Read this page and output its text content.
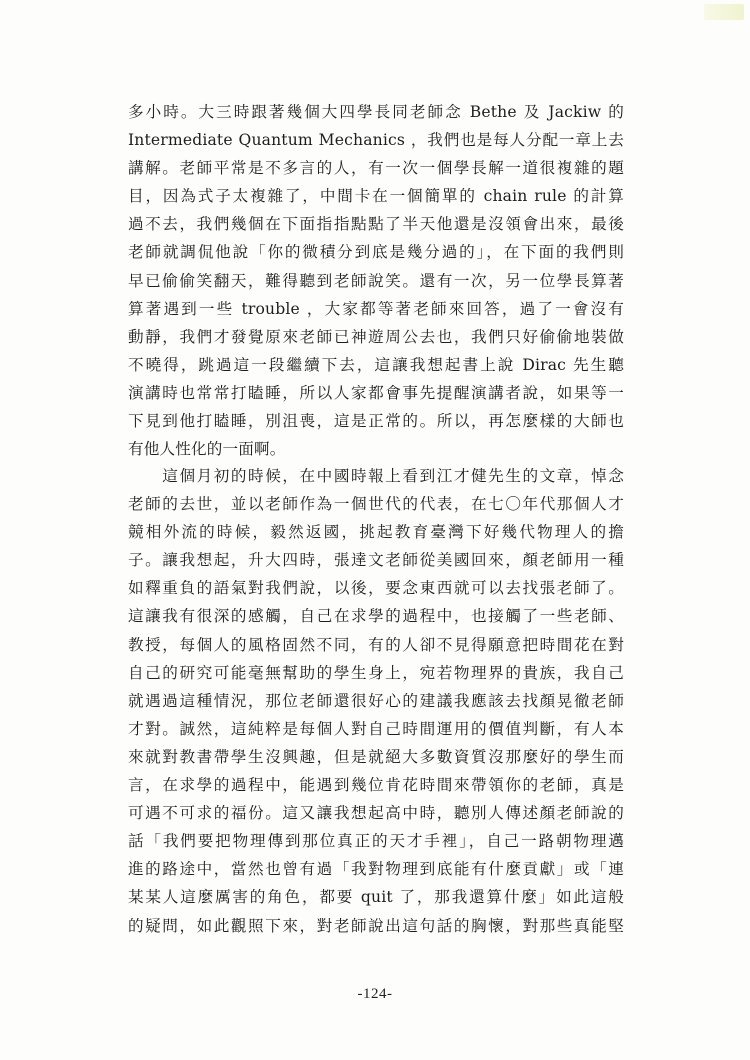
多小時。大三時跟著幾個大四學長同老師念 Bethe 及 Jackiw 的
Intermediate Quantum Mechanics ，我們也是每人分配一章上去
講解。老師平常是不多言的人，有一次一個學長解一道很複雜的題
目，因為式子太複雜了，中間卡在一個簡單的 chain rule 的計算
過不去，我們幾個在下面指指點點了半天他還是沒領會出來，最後
老師就調侃他說「你的微積分到底是幾分過的」，在下面的我們則
早已偷偷笑翻天，難得聽到老師說笑。還有一次，另一位學長算著
算著遇到一些 trouble ，大家都等著老師來回答，過了一會沒有
動靜，我們才發覺原來老師已神遊周公去也，我們只好偷偷地裝做
不曉得，跳過這一段繼續下去，這讓我想起書上說 Dirac 先生聽
演講時也常常打瞌睡，所以人家都會事先提醒演講者說，如果等一
下見到他打瞌睡，別沮喪，這是正常的。所以，再怎麼樣的大師也
有他人性化的一面啊。

　　這個月初的時候，在中國時報上看到江才健先生的文章，悼念
老師的去世，並以老師作為一個世代的代表，在七〇年代那個人才
競相外流的時候，毅然返國，挑起教育臺灣下好幾代物理人的擔
子。讓我想起，升大四時，張達文老師從美國回來，顏老師用一種
如釋重負的語氣對我們說，以後，要念東西就可以去找張老師了。
這讓我有很深的感觸，自己在求學的過程中，也接觸了一些老師、
教授，每個人的風格固然不同，有的人卻不見得願意把時間花在對
自己的研究可能毫無幫助的學生身上，宛若物理界的貴族，我自己
就遇過這種情況，那位老師還很好心的建議我應該去找顏晃徹老師
才對。誠然，這純粹是每個人對自己時間運用的價值判斷，有人本
來就對教書帶學生沒興趣，但是就絕大多數資質沒那麼好的學生而
言，在求學的過程中，能遇到幾位肯花時間來帶領你的老師，真是
可遇不可求的福份。這又讓我想起高中時，聽別人傳述顏老師說的
話「我們要把物理傳到那位真正的天才手裡」，自己一路朝物理邁
進的路途中，當然也曾有過「我對物理到底能有什麼貢獻」或「連
某某人這麼厲害的角色，都要 quit 了，那我還算什麼」如此這般
的疑問，如此觀照下來，對老師說出這句話的胸懷，對那些真能堅

-124-
